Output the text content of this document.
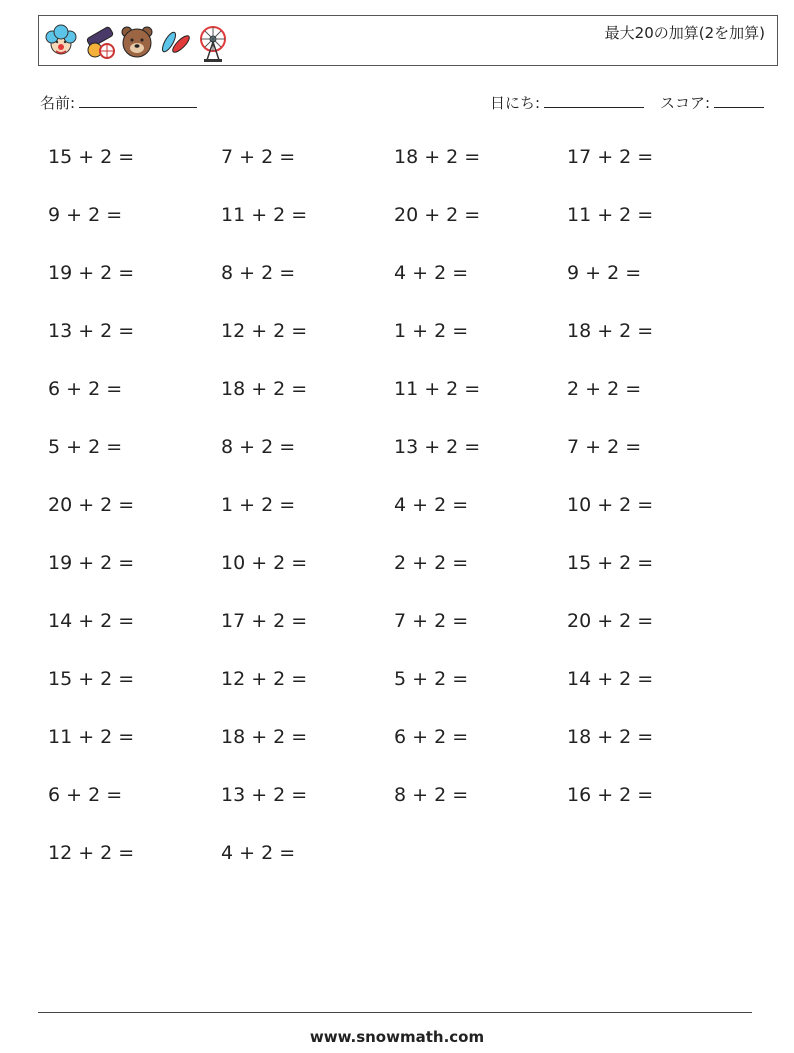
最大20の加算(2を加算)
名前:	日にち:	スコア:
15 + 2 =	7 + 2 =	18 + 2 =	17 + 2 =
9 + 2 =	11 + 2 =	20 + 2 =	11 + 2 =
19 + 2 =	8 + 2 =	4 + 2 =	9 + 2 =
13 + 2 =	12 + 2 =	1 + 2 =	18 + 2 =
6 + 2 =	18 + 2 =	11 + 2 =	2 + 2 =
5 + 2 =	8 + 2 =	13 + 2 =	7 + 2 =
20 + 2 =	1 + 2 =	4 + 2 =	10 + 2 =
19 + 2 =	10 + 2 =	2 + 2 =	15 + 2 =
14 + 2 =	17 + 2 =	7 + 2 =	20 + 2 =
15 + 2 =	12 + 2 =	5 + 2 =	14 + 2 =
11 + 2 =	18 + 2 =	6 + 2 =	18 + 2 =
6 + 2 =	13 + 2 =	8 + 2 =	16 + 2 =
12 + 2 =	4 + 2 =
www.snowmath.com
